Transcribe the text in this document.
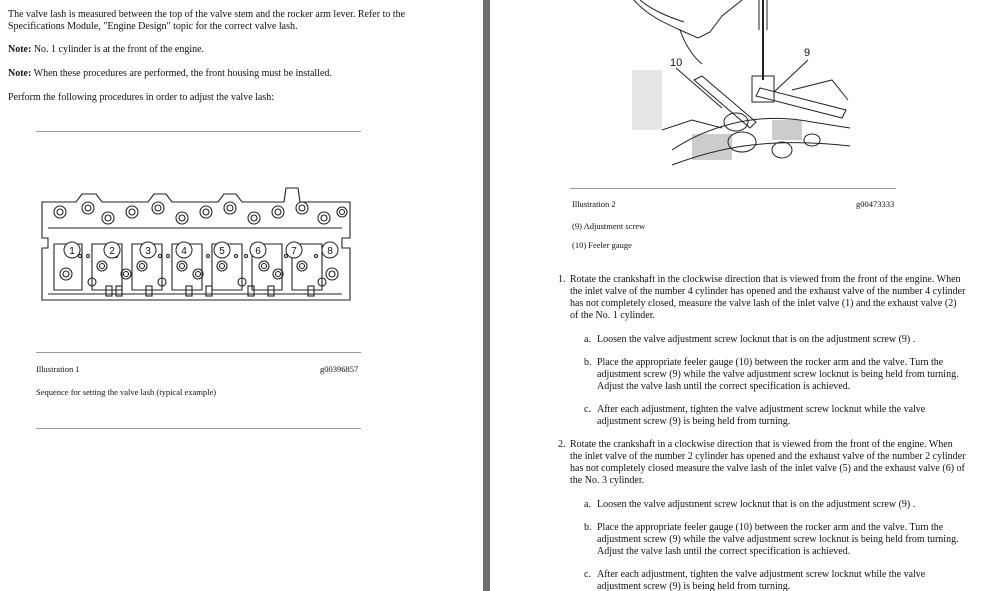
The valve lash is measured between the top of the valve stem and the rocker arm lever. Refer to the Specifications Module, "Engine Design" topic for the correct valve lash.

Note: No. 1 cylinder is at the front of the engine.

Note: When these procedures are performed, the front housing must be installed.

Perform the following procedures in order to adjust the valve lash:

1	2	3	4	5	6	7	8
Illustration 1	g00396857
Sequence for setting the valve lash (typical example)
10
9
Illustration 2	g00473333
(9) Adjustment screw
(10) Feeler gauge
1. Rotate the crankshaft in the clockwise direction that is viewed from the front of the engine. When the inlet valve of the number 4 cylinder has opened and the exhaust valve of the number 4 cylinder has not completely closed, measure the valve lash of the inlet valve (1) and the exhaust valve (2) of the No. 1 cylinder.

a. Loosen the valve adjustment screw locknut that is on the adjustment screw (9) .

b. Place the appropriate feeler gauge (10) between the rocker arm and the valve. Turn the adjustment screw (9) while the valve adjustment screw locknut is being held from turning. Adjust the valve lash until the correct specification is achieved.

c. After each adjustment, tighten the valve adjustment screw locknut while the valve adjustment screw (9) is being held from turning.

2. Rotate the crankshaft in a clockwise direction that is viewed from the front of the engine. When the inlet valve of the number 2 cylinder has opened and the exhaust valve of the number 2 cylinder has not completely closed measure the valve lash of the inlet valve (5) and the exhaust valve (6) of the No. 3 cylinder.

a. Loosen the valve adjustment screw locknut that is on the adjustment screw (9) .

b. Place the appropriate feeler gauge (10) between the rocker arm and the valve. Turn the adjustment screw (9) while the valve adjustment screw locknut is being held from turning. Adjust the valve lash until the correct specification is achieved.

c. After each adjustment, tighten the valve adjustment screw locknut while the valve adjustment screw (9) is being held from turning.
